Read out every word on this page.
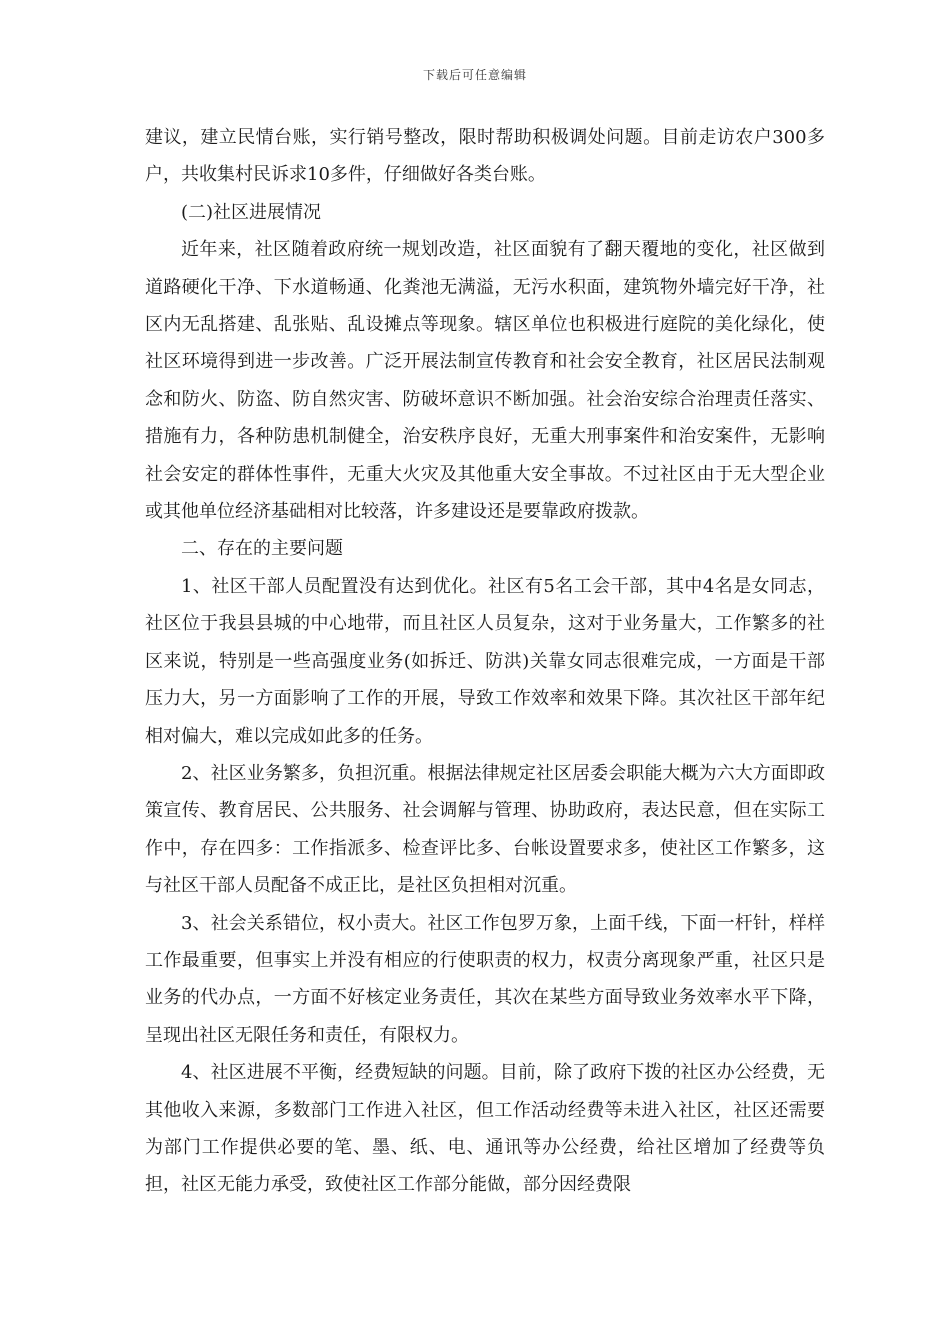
下载后可任意编辑

建议，建立民情台账，实行销号整改，限时帮助积极调处问题。目前走访农户300多户，共收集村民诉求10多件，仔细做好各类台账。

(二)社区进展情况

近年来，社区随着政府统一规划改造，社区面貌有了翻天覆地的变化，社区做到道路硬化干净、下水道畅通、化粪池无满溢，无污水积面，建筑物外墙完好干净，社区内无乱搭建、乱张贴、乱设摊点等现象。辖区单位也积极进行庭院的美化绿化，使社区环境得到进一步改善。广泛开展法制宣传教育和社会安全教育，社区居民法制观念和防火、防盗、防自然灾害、防破坏意识不断加强。社会治安综合治理责任落实、措施有力，各种防患机制健全，治安秩序良好，无重大刑事案件和治安案件，无影响社会安定的群体性事件，无重大火灾及其他重大安全事故。不过社区由于无大型企业或其他单位经济基础相对比较落，许多建设还是要靠政府拨款。

二、存在的主要问题

1、社区干部人员配置没有达到优化。社区有5名工会干部，其中4名是女同志，社区位于我县县城的中心地带，而且社区人员复杂，这对于业务量大，工作繁多的社区来说，特别是一些高强度业务(如拆迁、防洪)关靠女同志很难完成，一方面是干部压力大，另一方面影响了工作的开展，导致工作效率和效果下降。其次社区干部年纪相对偏大，难以完成如此多的任务。

2、社区业务繁多，负担沉重。根据法律规定社区居委会职能大概为六大方面即政策宣传、教育居民、公共服务、社会调解与管理、协助政府，表达民意，但在实际工作中，存在四多：工作指派多、检查评比多、台帐设置要求多，使社区工作繁多，这与社区干部人员配备不成正比，是社区负担相对沉重。

3、社会关系错位，权小责大。社区工作包罗万象，上面千线，下面一杆针，样样工作最重要，但事实上并没有相应的行使职责的权力，权责分离现象严重，社区只是业务的代办点，一方面不好核定业务责任，其次在某些方面导致业务效率水平下降，呈现出社区无限任务和责任，有限权力。

4、社区进展不平衡，经费短缺的问题。目前，除了政府下拨的社区办公经费，无其他收入来源，多数部门工作进入社区，但工作活动经费等未进入社区，社区还需要为部门工作提供必要的笔、墨、纸、电、通讯等办公经费，给社区增加了经费等负担，社区无能力承受，致使社区工作部分能做，部分因经费限
